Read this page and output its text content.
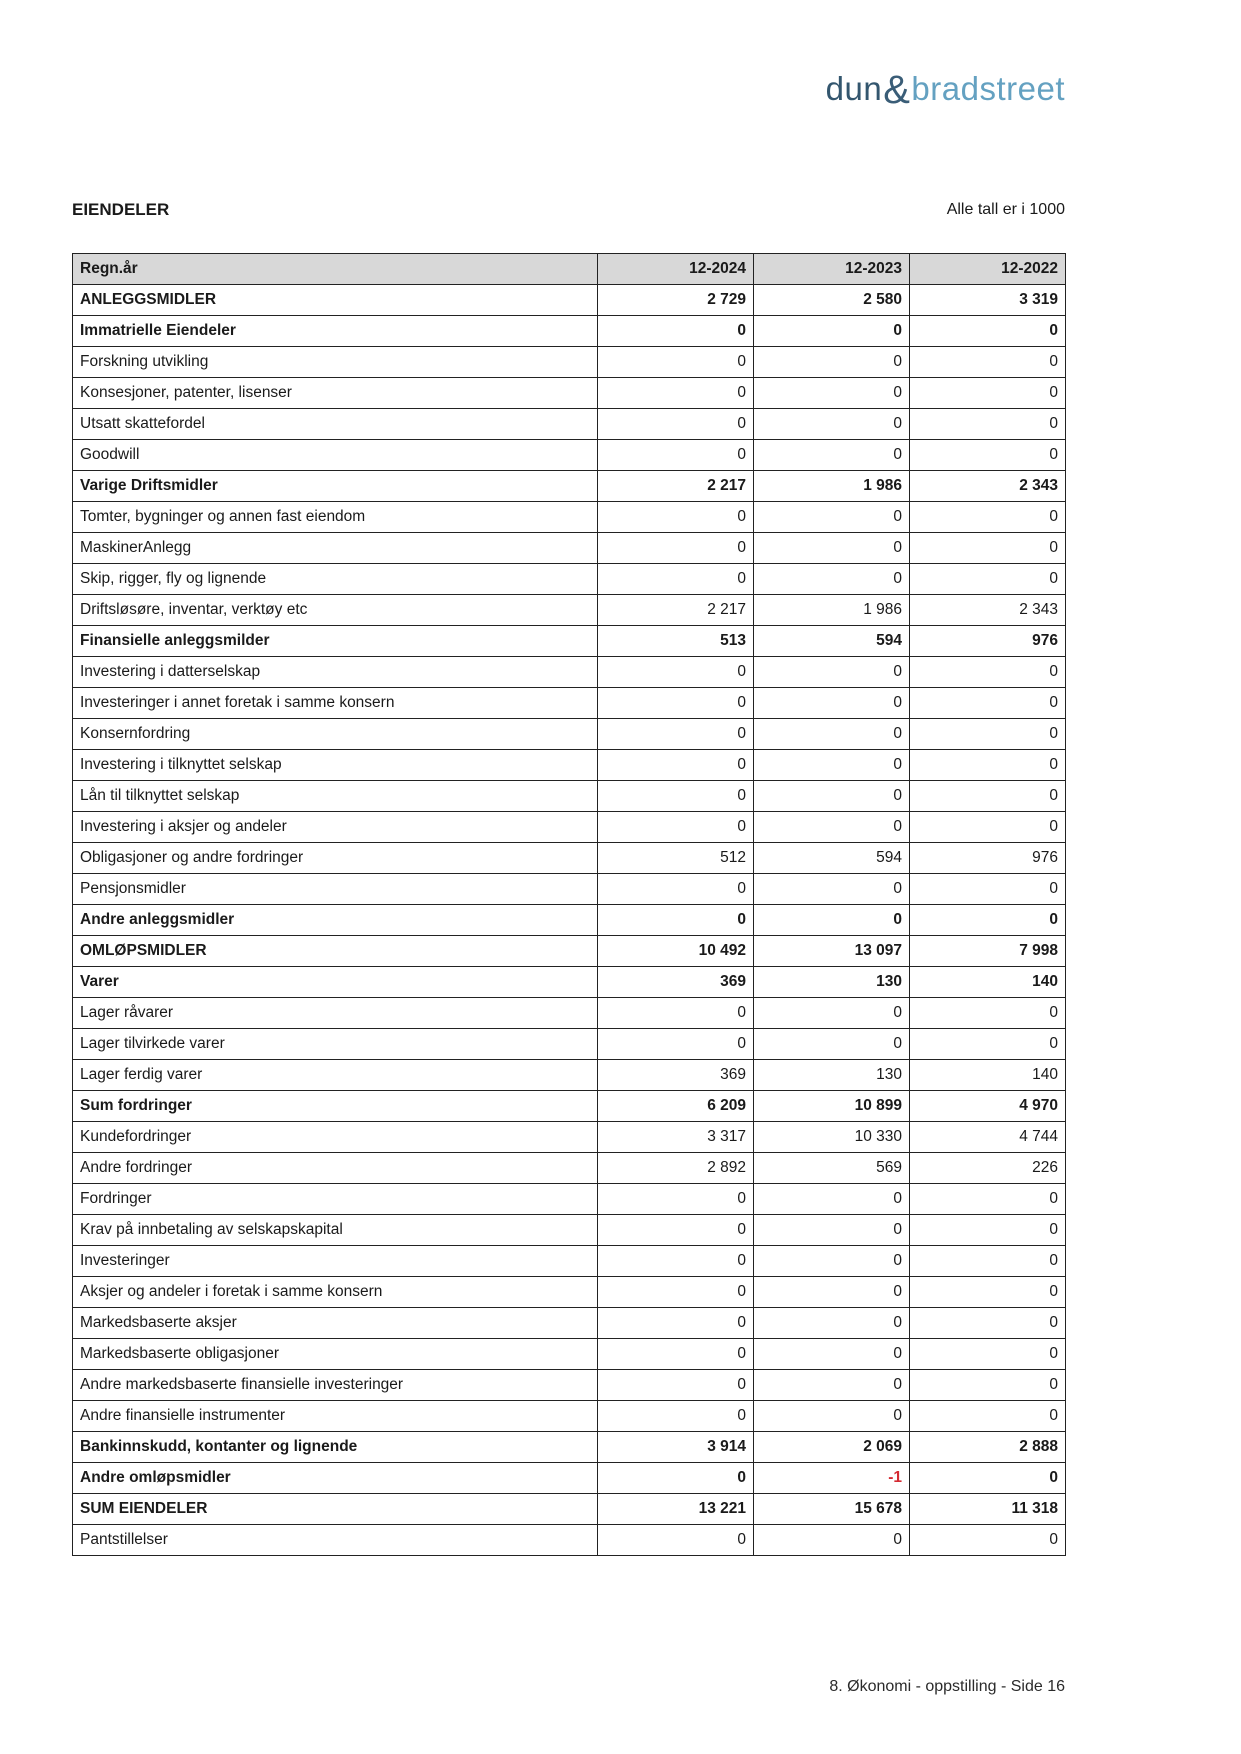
dun&bradstreet
EIENDELER	Alle tall er i 1000
Regn.år	12-2024	12-2023	12-2022
ANLEGGSMIDLER	2 729	2 580	3 319
Immatrielle Eiendeler	0	0	0
Forskning utvikling	0	0	0
Konsesjoner, patenter, lisenser	0	0	0
Utsatt skattefordel	0	0	0
Goodwill	0	0	0
Varige Driftsmidler	2 217	1 986	2 343
Tomter, bygninger og annen fast eiendom	0	0	0
MaskinerAnlegg	0	0	0
Skip, rigger, fly og lignende	0	0	0
Driftsløsøre, inventar, verktøy etc	2 217	1 986	2 343
Finansielle anleggsmilder	513	594	976
Investering i datterselskap	0	0	0
Investeringer i annet foretak i samme konsern	0	0	0
Konsernfordring	0	0	0
Investering i tilknyttet selskap	0	0	0
Lån til tilknyttet selskap	0	0	0
Investering i aksjer og andeler	0	0	0
Obligasjoner og andre fordringer	512	594	976
Pensjonsmidler	0	0	0
Andre anleggsmidler	0	0	0
OMLØPSMIDLER	10 492	13 097	7 998
Varer	369	130	140
Lager råvarer	0	0	0
Lager tilvirkede varer	0	0	0
Lager ferdig varer	369	130	140
Sum fordringer	6 209	10 899	4 970
Kundefordringer	3 317	10 330	4 744
Andre fordringer	2 892	569	226
Fordringer	0	0	0
Krav på innbetaling av selskapskapital	0	0	0
Investeringer	0	0	0
Aksjer og andeler i foretak i samme konsern	0	0	0
Markedsbaserte aksjer	0	0	0
Markedsbaserte obligasjoner	0	0	0
Andre markedsbaserte finansielle investeringer	0	0	0
Andre finansielle instrumenter	0	0	0
Bankinnskudd, kontanter og lignende	3 914	2 069	2 888
Andre omløpsmidler	0	-1	0
SUM EIENDELER	13 221	15 678	11 318
Pantstillelser	0	0	0
8. Økonomi - oppstilling - Side 16
